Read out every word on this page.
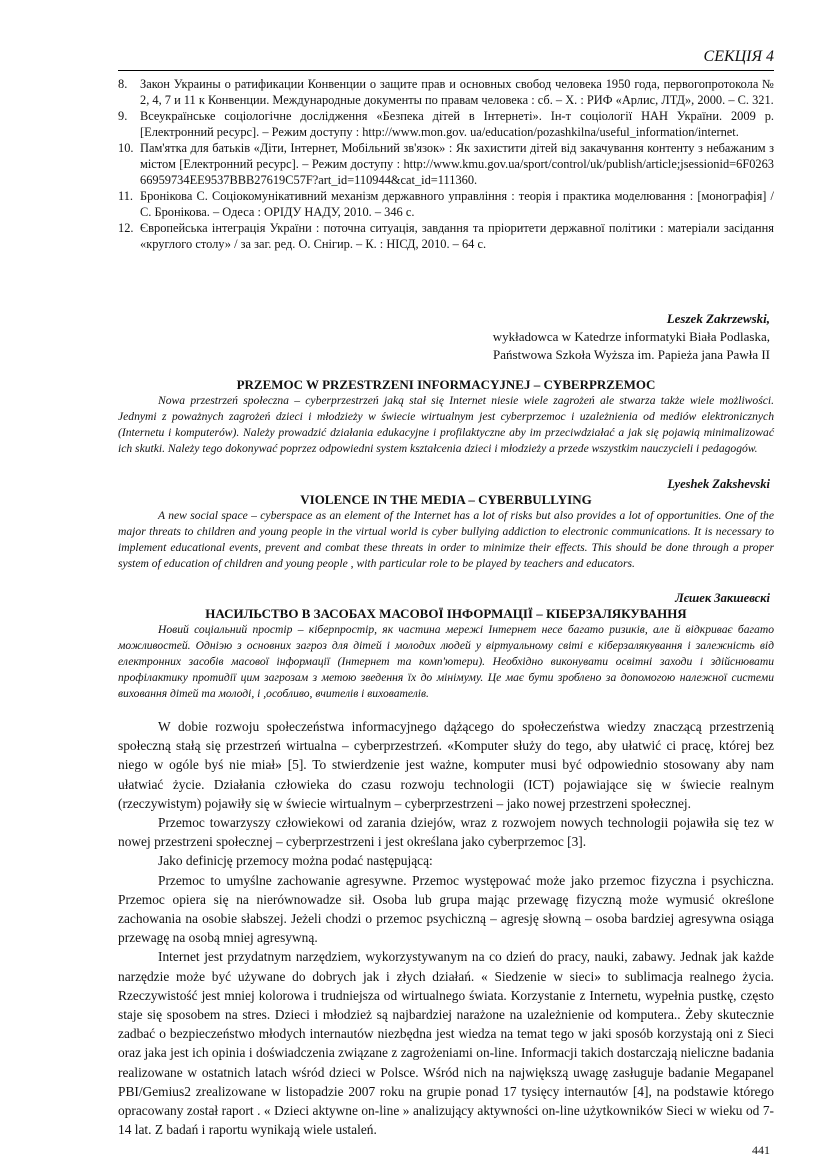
СЕКЦІЯ 4
8. Закон Украины о ратификации Конвенции о защите прав и основных свобод человека 1950 года, первогопротокола № 2, 4, 7 и 11 к Конвенции. Международные документы по правам человека : сб. – Х. : РИФ «Арлис, ЛТД», 2000. – С. 321.
9. Всеукраїнське соціологічне дослідження «Безпека дітей в Інтернеті». Ін-т соціології НАН України. 2009 р. [Електронний ресурс]. – Режим доступу : http://www.mon.gov. ua/education/pozashkilna/useful_information/internet.
10. Пам'ятка для батьків «Діти, Інтернет, Мобільний зв'язок» : Як захистити дітей від закачування контенту з небажаним змістом [Електронний ресурс]. – Режим доступу : http://www.kmu.gov.ua/sport/control/uk/publish/article;jsessionid=6F026366959734EE9537BBB27619C57F?art_id=110944&cat_id=111360.
11. Бронікова С. Соціокомунікативний механізм державного управління : теорія і практика моделювання : [монографія] / С. Бронікова. – Одеса : ОРІДУ НАДУ, 2010. – 346 с.
12. Європейська інтеграція України : поточна ситуація, завдання та пріоритети державної політики : матеріали засідання «круглого столу» / за заг. ред. О. Снігир. – К. : НІСД, 2010. – 64 с.
Leszek Zakrzewski,
wykładowca w Katedrze informatyki Biała Podlaska,
Państwowa Szkoła Wyższa im. Papieża jana Pawła II
PRZEMOC W PRZESTRZENI INFORMACYJNEJ – CYBERPRZEMOC

Nowa przestrzeń społeczna – cyberprzestrzeń jaką stał się Internet niesie wiele zagrożeń ale stwarza także wiele możliwości. Jednymi z poważnych zagrożeń dzieci i młodzieży w świecie wirtualnym jest cyberprzemoc i uzależnienia od mediów elektronicznych (Internetu i komputerów). Należy prowadzić działania edukacyjne i profilaktyczne aby im przeciwdziałać a jak się pojawią minimalizować ich skutki. Należy tego dokonywać poprzez odpowiedni system kształcenia dzieci i młodzieży a przede wszystkim nauczycieli i pedagogów.

Lyeshek Zakshevski
VIOLENCE IN THE MEDIA – CYBERBULLYING

A new social space – cyberspace as an element of the Internet has a lot of risks but also provides a lot of opportunities. One of the major threats to children and young people in the virtual world is cyber bullying addiction to electronic communications. It is necessary to implement educational events, prevent and combat these threats in order to minimize their effects. This should be done through a proper system of education of children and young people , with particular role to be played by teachers and educators.

Лєшек Закшевскі
НАСИЛЬСТВО В ЗАСОБАХ МАСОВОЇ ІНФОРМАЦІЇ – КІБЕРЗАЛЯКУВАННЯ

Новий соціальний простір – кіберпростір, як частина мережі Інтернет несе багато ризиків, але й відкриває багато можливостей. Одніэю з основних загроз для дітей і молодих людей у віртуальному світі є кіберзалякування і залежність від електронних засобів масової інформації (Інтернет та комп'ютери). Необхідно виконувати освітні заходи і здійснювати профілактику протидії цим загрозам з метою зведення їх до мінімуму. Це має бути зроблено за допомогою належної системи виховання дітей та молоді, і ,особливо, вчителів і вихователів.

W dobie rozwoju społeczeństwa informacyjnego dążącego do społeczeństwa wiedzy znaczącą przestrzenią społeczną stałą się przestrzeń wirtualna – cyberprzestrzeń. «Komputer służy do tego, aby ułatwić ci pracę, której bez niego w ogóle byś nie miał» [5]. To stwierdzenie jest ważne, komputer musi być odpowiednio stosowany aby nam ułatwiać życie. Działania człowieka do czasu rozwoju technologii (ICT) pojawiające się w świecie realnym (rzeczywistym) pojawiły się w świecie wirtualnym – cyberprzestrzeni – jako nowej przestrzeni społecznej.

Przemoc towarzyszy człowiekowi od zarania dziejów, wraz z rozwojem nowych technologii pojawiła się tez w nowej przestrzeni społecznej – cyberprzestrzeni i jest określana jako cyberprzemoc [3].

Jako definicję przemocy można podać następującą:

Przemoc to umyślne zachowanie agresywne. Przemoc występować może jako przemoc fizyczna i psychiczna. Przemoc opiera się na nierównowadze sił. Osoba lub grupa mając przewagę fizyczną może wymusić określone zachowania na osobie słabszej. Jeżeli chodzi o przemoc psychiczną – agresję słowną – osoba bardziej agresywna osiąga przewagę na osobą mniej agresywną.

Internet jest przydatnym narzędziem, wykorzystywanym na co dzień do pracy, nauki, zabawy. Jednak jak każde narzędzie może być używane do dobrych jak i złych działań. « Siedzenie w sieci» to sublimacja realnego życia. Rzeczywistość jest mniej kolorowa i trudniejsza od wirtualnego świata. Korzystanie z Internetu, wypełnia pustkę, często staje się sposobem na stres. Dzieci i młodzież są najbardziej narażone na uzależnienie od komputera.. Żeby skutecznie zadbać o bezpieczeństwo młodych internautów niezbędna jest wiedza na temat tego w jaki sposób korzystają oni z Sieci oraz jaka jest ich opinia i doświadczenia związane z zagrożeniami on-line. Informacji takich dostarczają nieliczne badania realizowane w ostatnich latach wśród dzieci w Polsce. Wśród nich na największą uwagę zasługuje badanie Megapanel PBI/Gemius2 zrealizowane w listopadzie 2007 roku na grupie ponad 17 tysięcy internautów [4], na podstawie którego opracowany został raport . « Dzieci aktywne on-line » analizujący aktywności on-line użytkowników Sieci w wieku od 7-14 lat. Z badań i raportu wynikają wiele ustaleń.

441
